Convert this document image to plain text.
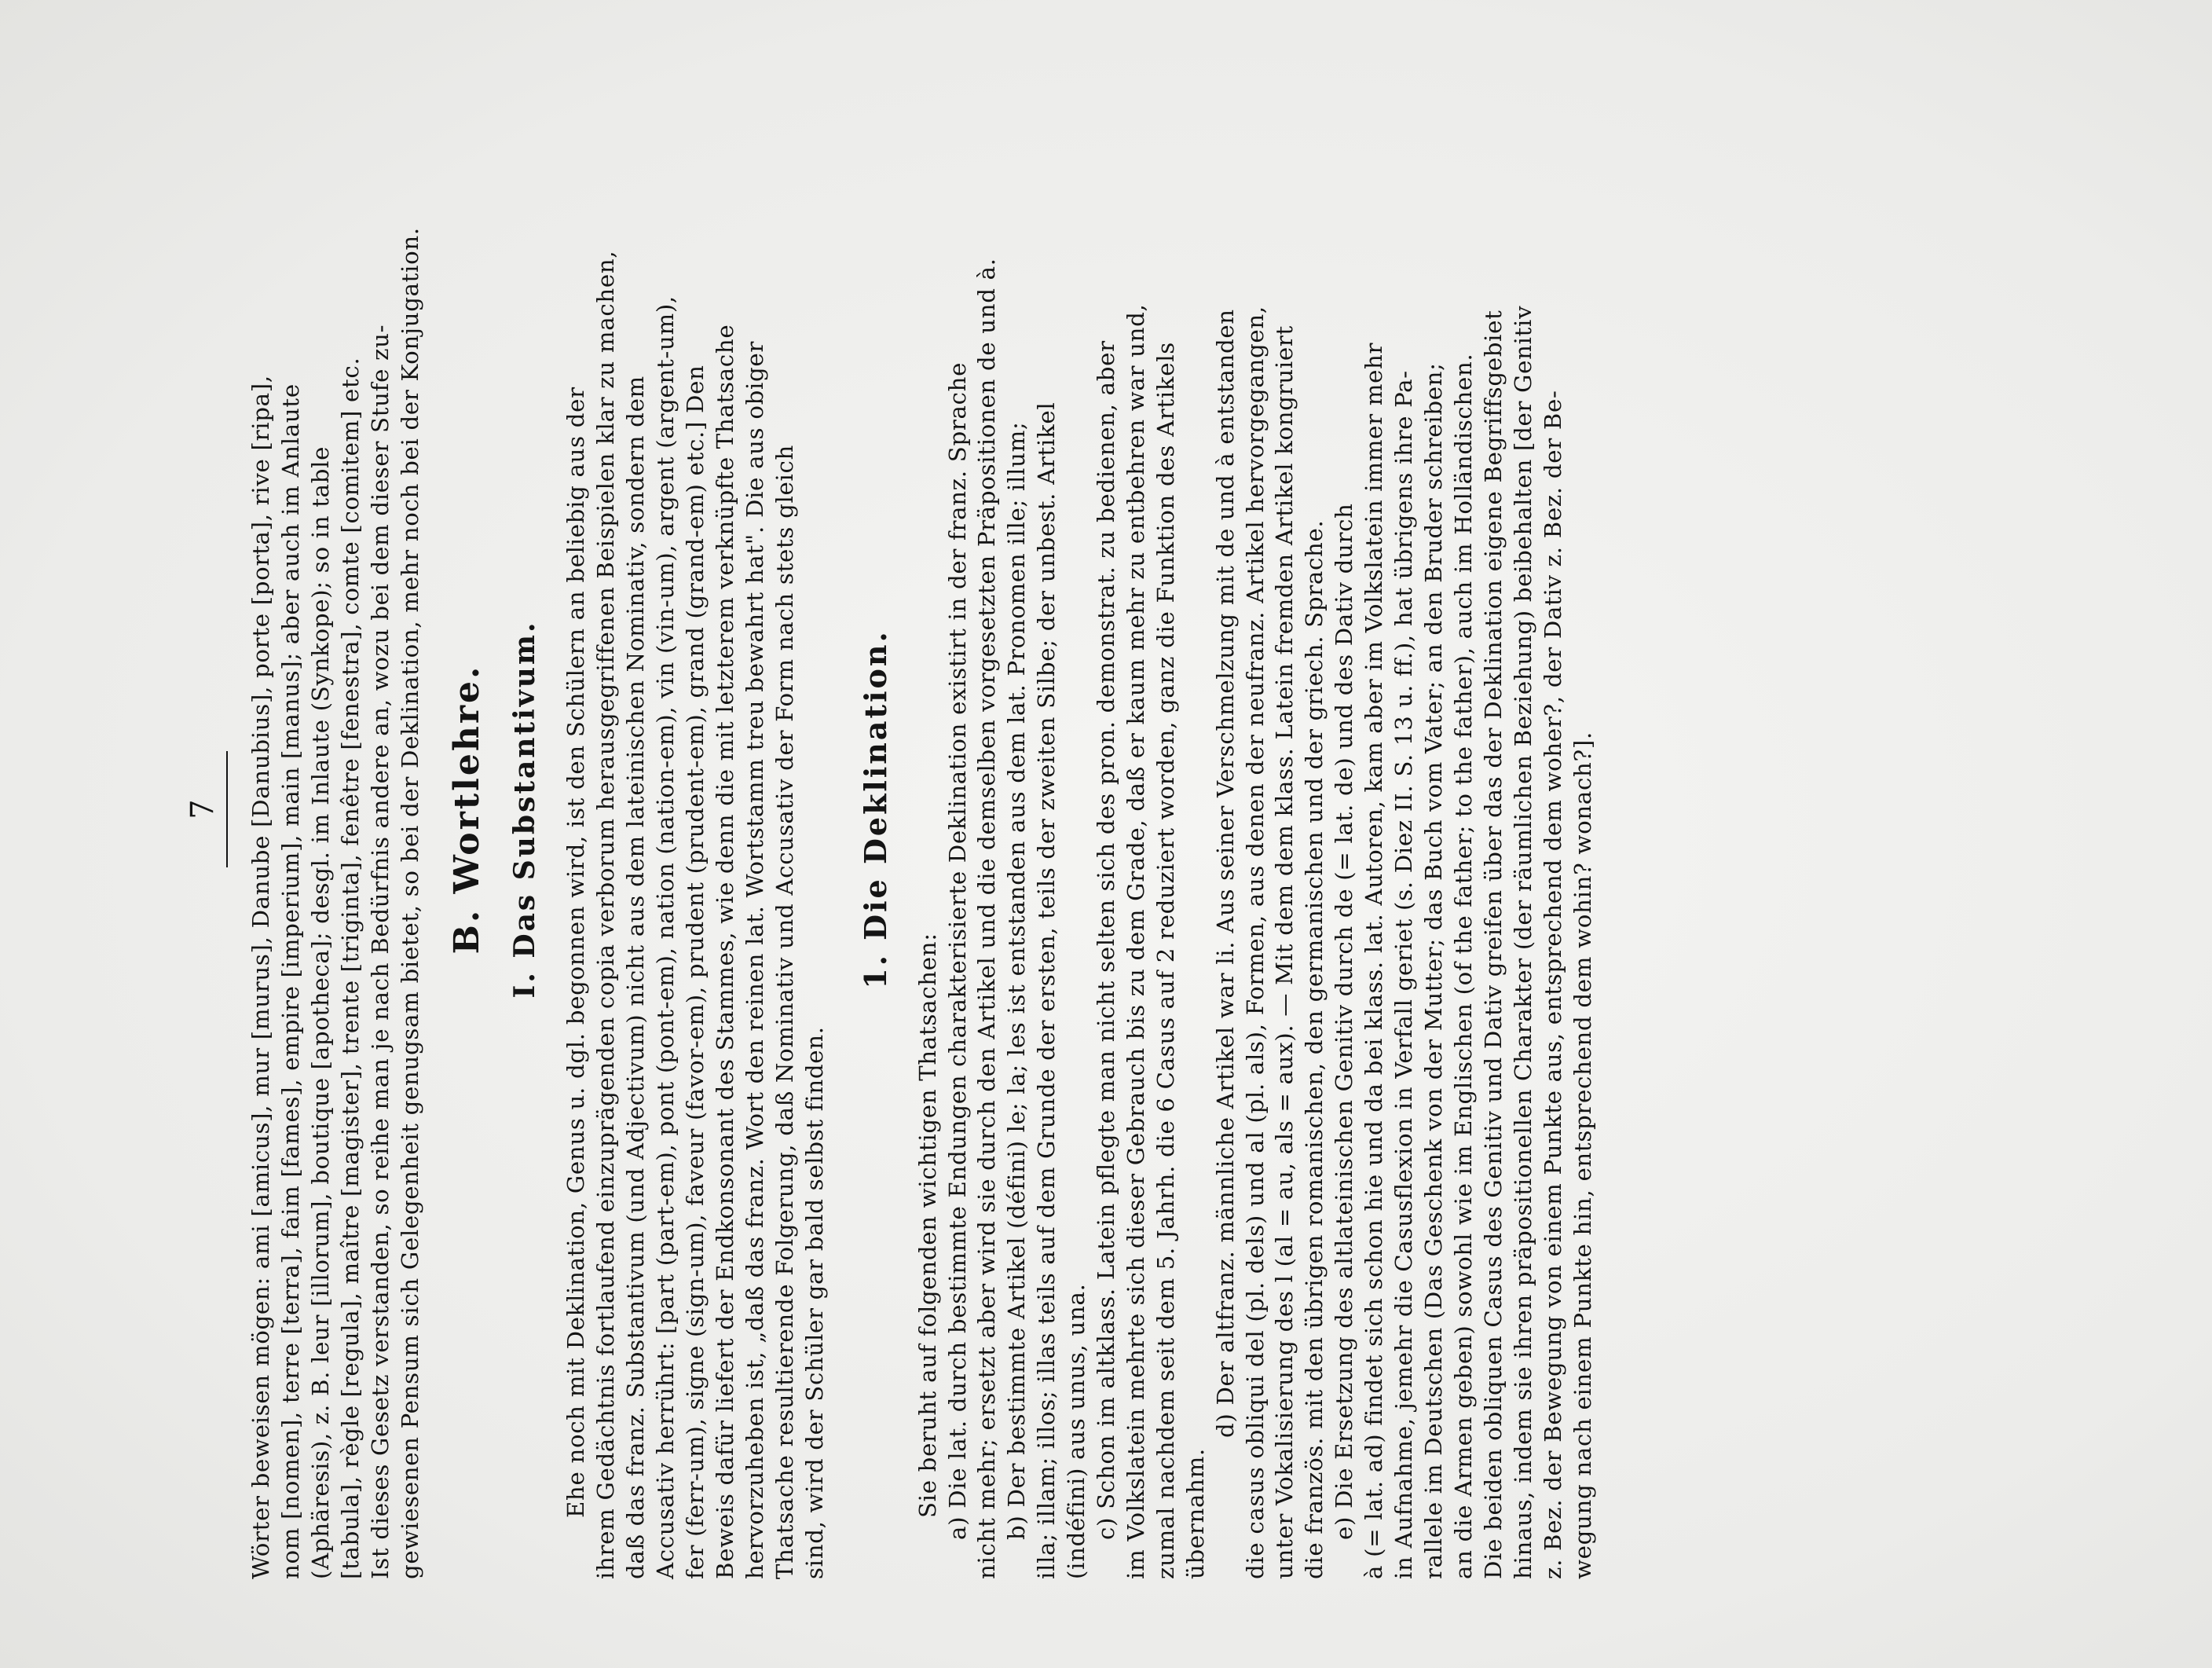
7 Wörter beweisen mögen: ami [amicus], mur [murus], Danube [Danubius], porte [porta], rive [ripa], nom [nomen], terre [terra], faim [fames], empire [imperium], main [manus]; aber auch im Anlaute (Aphäresis), z. B. leur [illorum], boutique [apotheca]; desgl. im Inlaute (Synkope); so in table [tabula], règle [regula], maître [magister], trente [triginta], fenêtre [fenestra], comte [comitem] etc. Ist dieses Gesetz verstanden, so reihe man je nach Bedürfnis andere an, wozu bei dem dieser Stufe zu- gewiesenen Pensum sich Gelegenheit genugsam bietet, so bei der Deklination, mehr noch bei der Konjugation. B. Wortlehre. I. Das Substantivum. Ehe noch mit Deklination, Genus u. dgl. begonnen wird, ist den Schülern an beliebig aus der ihrem Gedächtnis fortlaufend einzuprägenden copia verborum herausgegriffenen Beispielen klar zu machen, daß das franz. Substantivum (und Adjectivum) nicht aus dem lateinischen Nominativ, sondern dem Accusativ herrührt: [part (part-em), pont (pont-em), nation (nation-em), vin (vin-um), argent (argent-um), fer (ferr-um), signe (sign-um), faveur (favor-em), prudent (prudent-em), grand (grand-em) etc.] Den Beweis dafür liefert der Endkonsonant des Stammes, wie denn die mit letzterem verknüpfte Thatsache hervorzuheben ist, „daß das franz. Wort den reinen lat. Wortstamm treu bewahrt hat". Die aus obiger Thatsache resultierende Folgerung, daß Nominativ und Accusativ der Form nach stets gleich sind, wird der Schüler gar bald selbst finden.

1. Die Deklination.

Sie beruht auf folgenden wichtigen Thatsachen: a) Die lat. durch bestimmte Endungen charakterisierte Deklination existirt in der franz. Sprache nicht mehr; ersetzt aber wird sie durch den Artikel und die demselben vorgesetzten Präpositionen de und à. b) Der bestimmte Artikel (défini) le; la; les ist entstanden aus dem lat. Pronomen ille; illum; illa; illam; illos; illas teils auf dem Grunde der ersten, teils der zweiten Silbe; der unbest. Artikel (indéfini) aus unus, una. c) Schon im altklass. Latein pflegte man nicht selten sich des pron. demonstrat. zu bedienen, aber im Volkslatein mehrte sich dieser Gebrauch bis zu dem Grade, daß er kaum mehr zu entbehren war und, zumal nachdem seit dem 5. Jahrh. die 6 Casus auf 2 reduziert worden, ganz die Funktion des Artikels übernahm.

d) Der altfranz. männliche Artikel war li. Aus seiner Verschmelzung mit de und à entstanden die casus obliqui del (pl. dels) und al (pl. als), Formen, aus denen der neufranz. Artikel hervorgegangen, unter Vokalisierung des l (al = au, als = aux). — Mit dem dem klass. Latein fremden Artikel kongruiert die französ. mit den übrigen romanischen, den germanischen und der griech. Sprache. e) Die Ersetzung des altlateinischen Genitiv durch de (= lat. de) und des Dativ durch à (= lat. ad) findet sich schon hie und da bei klass. lat. Autoren, kam aber im Volkslatein immer mehr in Aufnahme, jemehr die Casusflexion in Verfall geriet (s. Diez II. S. 13 u. ff.), hat übrigens ihre Pa- rallele im Deutschen (Das Geschenk von der Mutter; das Buch vom Vater; an den Bruder schreiben; an die Armen geben) sowohl wie im Englischen (of the father; to the father), auch im Holländischen. Die beiden obliquen Casus des Genitiv und Dativ greifen über das der Deklination eigene Begriffsgebiet hinaus, indem sie ihren präpositionellen Charakter (der räumlichen Beziehung) beibehalten [der Genitiv z. Bez. der Bewegung von einem Punkte aus, entsprechend dem woher?, der Dativ z. Bez. der Be- wegung nach einem Punkte hin, entsprechend dem wohin? wonach?].
